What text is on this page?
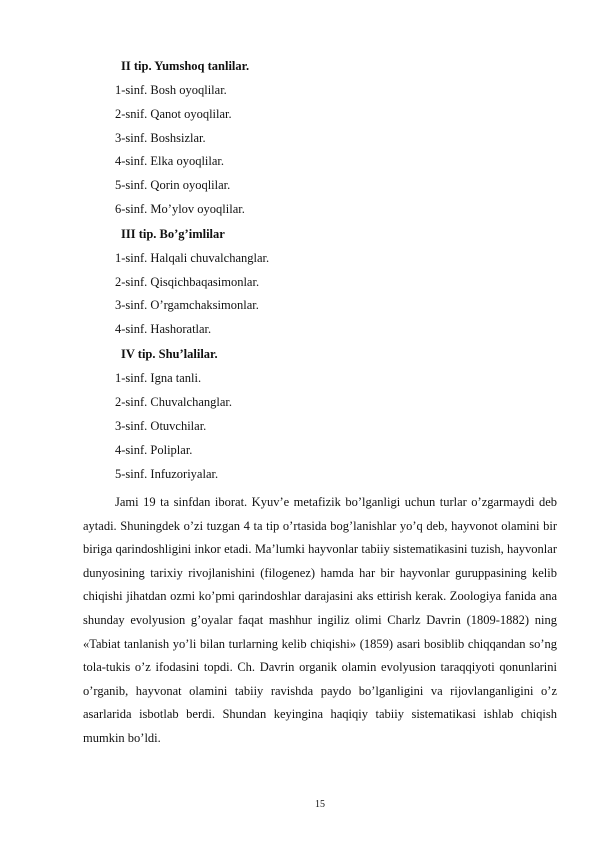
II tip. Yumshoq tanlilar.
1-sinf. Bosh oyoqlilar.
2-snif. Qanot oyoqlilar.
3-sinf. Boshsizlar.
4-sinf. Elka oyoqlilar.
5-sinf. Qorin oyoqlilar.
6-sinf. Mo’ylov oyoqlilar.
III tip. Bo’g’imlilar
1-sinf. Halqali chuvalchanglar.
2-sinf. Qisqichbaqasimonlar.
3-sinf. O’rgamchaksimonlar.
4-sinf. Hashoratlar.
IV tip. Shu’lalilar.
1-sinf. Igna tanli.
2-sinf. Chuvalchanglar.
3-sinf. Otuvchilar.
4-sinf. Poliplar.
5-sinf. Infuzoriyalar.

Jami 19 ta sinfdan iborat. Kyuv’e metafizik bo’lganligi uchun turlar o’zgarmaydi deb aytadi. Shuningdek o’zi tuzgan 4 ta tip o’rtasida bog’lanishlar yo’q deb, hayvonot olamini bir biriga qarindoshligini inkor etadi. Ma’lumki hayvonlar tabiiy sistematikasini tuzish, hayvonlar dunyosining tarixiy rivojlanishini (filogenez) hamda har bir hayvonlar guruppasining kelib chiqishi jihatdan ozmi ko’pmi qarindoshlar darajasini aks ettirish kerak. Zoologiya fanida ana shunday evolyusion g’oyalar faqat mashhur ingiliz olimi Charlz Davrin (1809-1882) ning «Tabiat tanlanish yo’li bilan turlarning kelib chiqishi» (1859) asari bosiblib chiqqandan so’ng tola-tukis o’z ifodasini topdi. Ch. Davrin organik olamin evolyusion taraqqiyoti qonunlarini o’rganib, hayvonat olamini tabiiy ravishda paydo bo’lganligini va rijovlanganligini o’z asarlarida isbotlab berdi. Shundan keyingina haqiqiy tabiiy sistematikasi ishlab chiqish mumkin bo’ldi.

15
